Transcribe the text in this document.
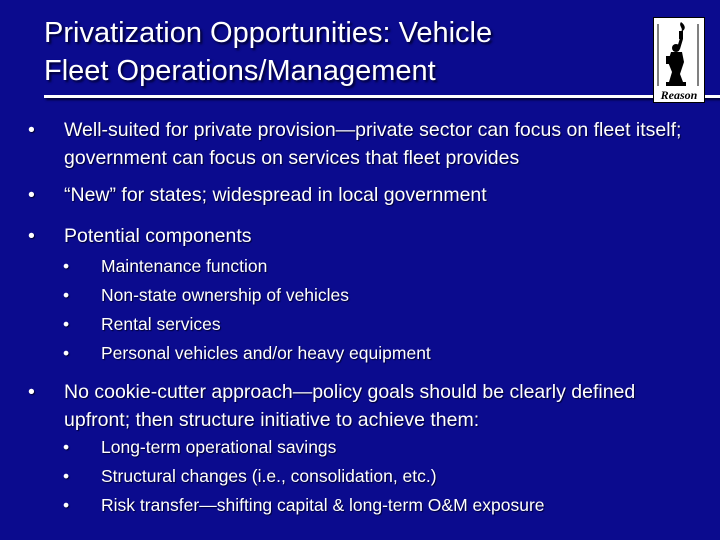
Privatization Opportunities: Vehicle
Fleet Operations/Management
Reason
•	Well-suited for private provision—private sector can focus on fleet itself; government can focus on services that fleet provides
•	“New” for states; widespread in local government
•	Potential components
• Maintenance function
• Non-state ownership of vehicles
• Rental services
• Personal vehicles and/or heavy equipment
•	No cookie-cutter approach—policy goals should be clearly defined upfront; then structure initiative to achieve them:
• Long-term operational savings
• Structural changes (i.e., consolidation, etc.)
• Risk transfer—shifting capital & long-term O&M exposure
